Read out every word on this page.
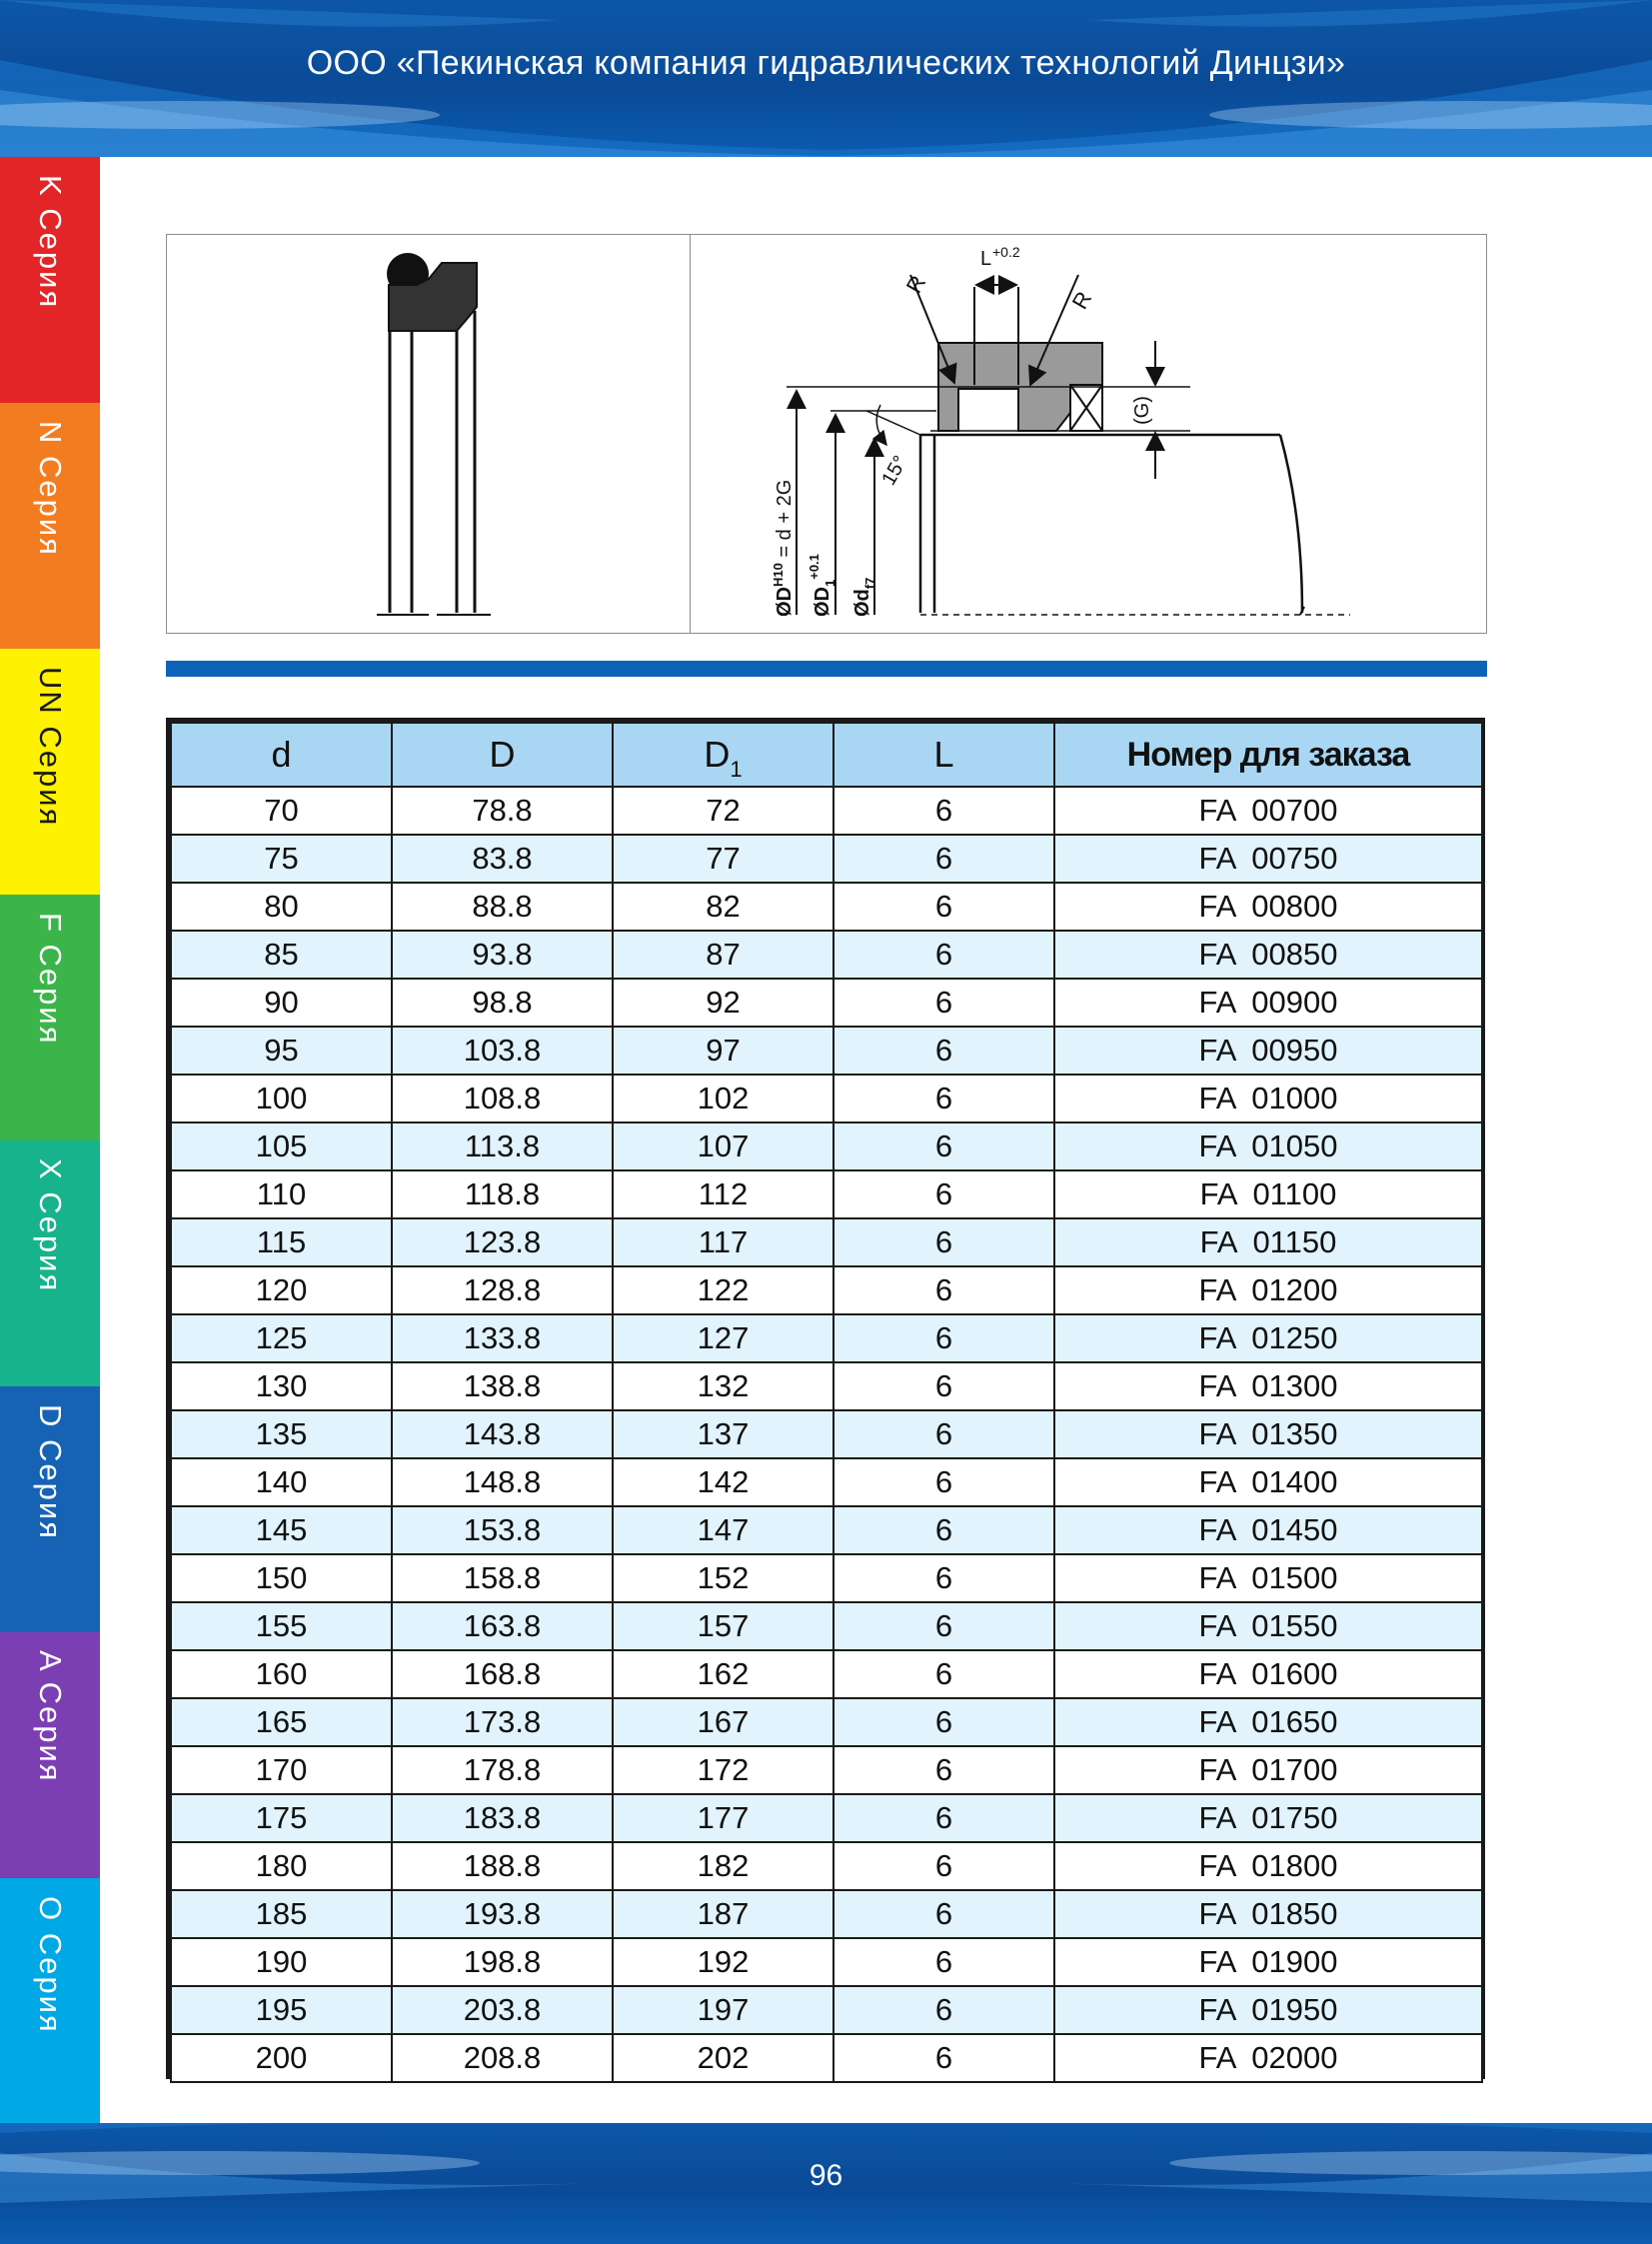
ООО «Пекинская компания гидравлических технологий Динцзи»
K Серия
N Серия
UN Серия
F Серия
X Серия
D Серия
A Серия
O Серия
L +0.2
R
R
(G)
15°
$ØD^{H10} = d + 2G$
$ØD_1^{+0.1}$
$Ød_{f7}$
d	D	$D_1$	L	Номер для заказа
70	78.8	72	6	FA 00700
75	83.8	77	6	FA 00750
80	88.8	82	6	FA 00800
85	93.8	87	6	FA 00850
90	98.8	92	6	FA 00900
95	103.8	97	6	FA 00950
100	108.8	102	6	FA 01000
105	113.8	107	6	FA 01050
110	118.8	112	6	FA 01100
115	123.8	117	6	FA 01150
120	128.8	122	6	FA 01200
125	133.8	127	6	FA 01250
130	138.8	132	6	FA 01300
135	143.8	137	6	FA 01350
140	148.8	142	6	FA 01400
145	153.8	147	6	FA 01450
150	158.8	152	6	FA 01500
155	163.8	157	6	FA 01550
160	168.8	162	6	FA 01600
165	173.8	167	6	FA 01650
170	178.8	172	6	FA 01700
175	183.8	177	6	FA 01750
180	188.8	182	6	FA 01800
185	193.8	187	6	FA 01850
190	198.8	192	6	FA 01900
195	203.8	197	6	FA 01950
200	208.8	202	6	FA 02000
96
